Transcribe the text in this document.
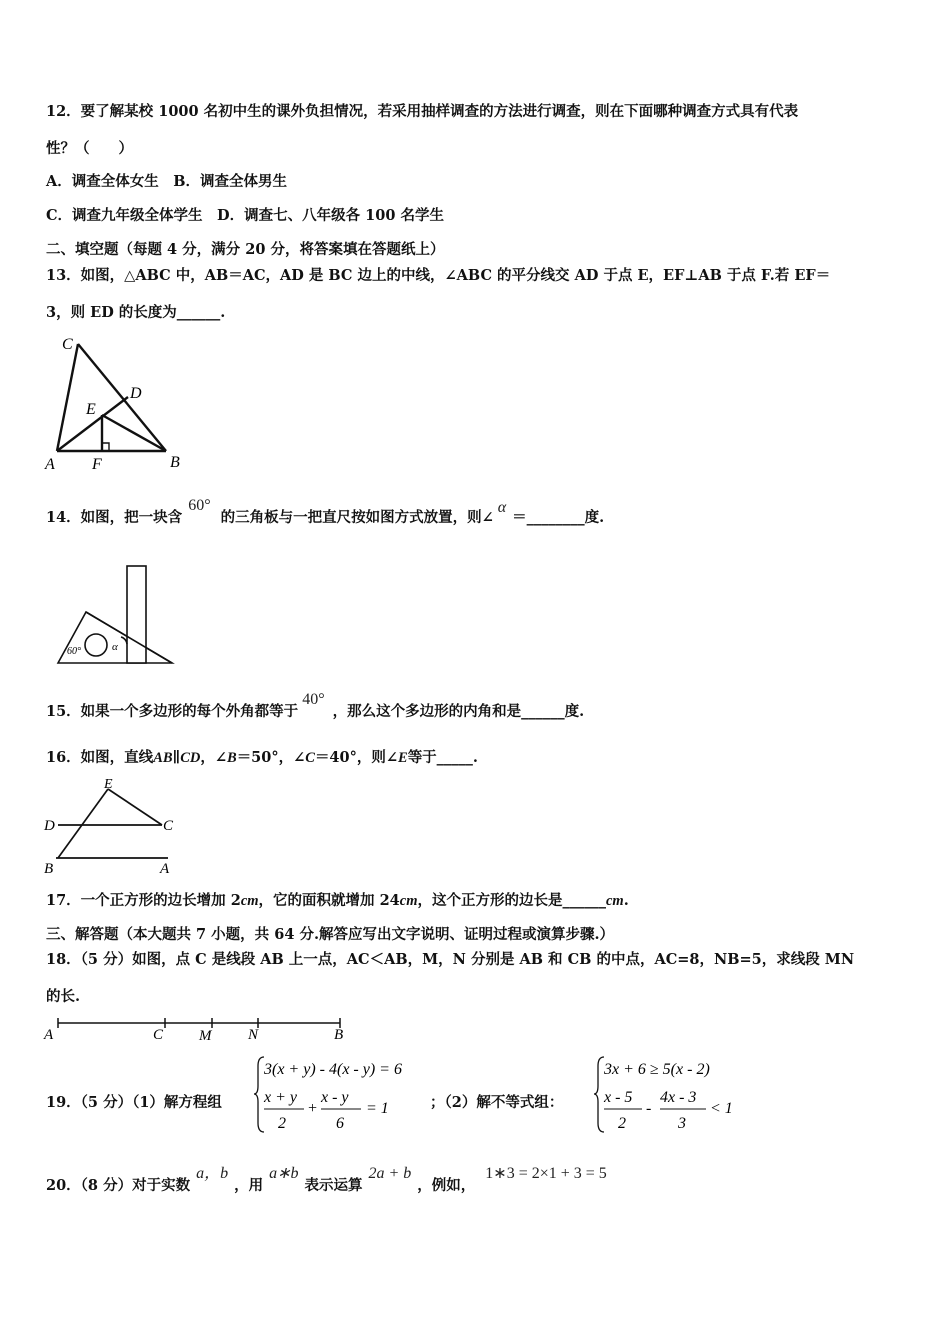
12．要了解某校 1000 名初中生的课外负担情况，若采用抽样调查的方法进行调查，则在下面哪种调查方式具有代表
性？（　　）
A．调查全体女生　B．调查全体男生
C．调查九年级全体学生　D．调查七、八年级各 100 名学生
二、填空题（每题 4 分，满分 20 分，将答案填在答题纸上）
13．如图，△ABC 中，AB＝AC，AD 是 BC 边上的中线，∠ABC 的平分线交 AD 于点 E，EF⊥AB 于点 F.若 EF＝
3，则 ED 的长度为______.
C
D
E
A F	B
14．如图，把一块含60°的三角板与一把直尺按如图方式放置，则∠α＝________度.
60°	α
15．如果一个多边形的每个外角都等于40°，那么这个多边形的内角和是______度.
16．如图，直线AB∥CD，∠B＝50°，∠C＝40°，则∠E等于_____.
E
D	C
B	A
17．一个正方形的边长增加 2cm，它的面积就增加 24cm，这个正方形的边长是______cm.
三、解答题（本大题共 7 小题，共 64 分.解答应写出文字说明、证明过程或演算步骤.）
18．（5 分）如图，点 C 是线段 AB 上一点，AC＜AB，M，N 分别是 AB 和 CB 的中点，AC=8，NB=5，求线段 MN
的长.
A	C M N	B
19．（5 分）（1）解方程组
3(x + y) - 4(x - y) = 6
x + y
2
+
x - y
6
= 1	；（2）解不等式组：
3x + 6 ≥ 5(x - 2)
x - 5
2
-
4x - 3
3
< 1
20．（8 分）对于实数a，b，用a∗b表示运算2a + b，例如，1∗3 = 2×1 + 3 = 5
